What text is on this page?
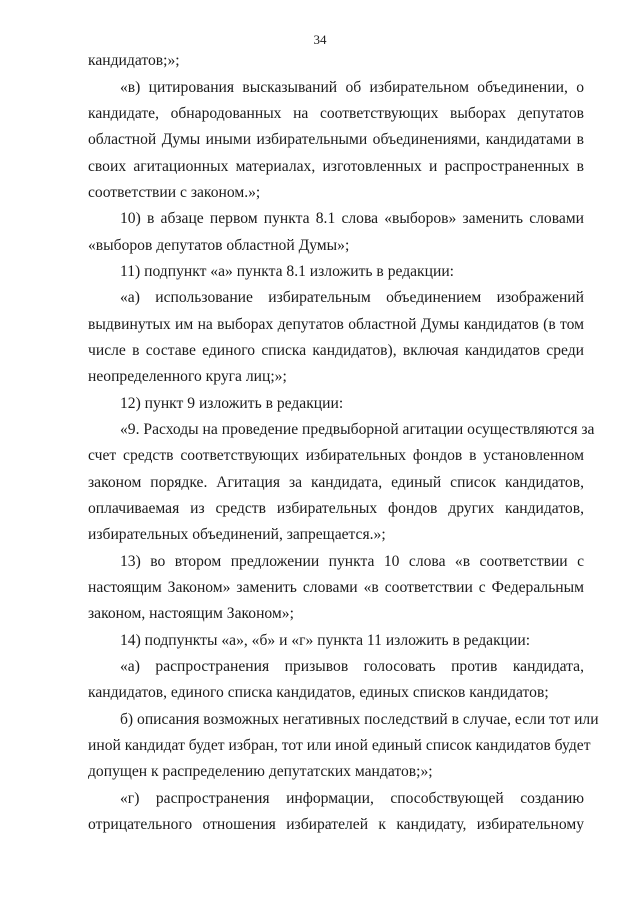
34
кандидатов;»;
«в) цитирования высказываний об избирательном объединении, о
кандидате, обнародованных на соответствующих выборах депутатов
областной Думы иными избирательными объединениями, кандидатами в
своих агитационных материалах, изготовленных и распространенных в
соответствии с законом.»;
10) в абзаце первом пункта 8.1 слова «выборов» заменить словами
«выборов депутатов областной Думы»;
11) подпункт «а» пункта 8.1 изложить в редакции:
«а) использование избирательным объединением изображений
выдвинутых им на выборах депутатов областной Думы кандидатов (в том
числе в составе единого списка кандидатов), включая кандидатов среди
неопределенного круга лиц;»;
12) пункт 9 изложить в редакции:
«9. Расходы на проведение предвыборной агитации осуществляются за
счет средств соответствующих избирательных фондов в установленном
законом порядке. Агитация за кандидата, единый список кандидатов,
оплачиваемая из средств избирательных фондов других кандидатов,
избирательных объединений, запрещается.»;
13) во втором предложении пункта 10 слова «в соответствии с
настоящим Законом» заменить словами «в соответствии с Федеральным
законом, настоящим Законом»;
14) подпункты «а», «б» и «г» пункта 11 изложить в редакции:
«а) распространения призывов голосовать против кандидата,
кандидатов, единого списка кандидатов, единых списков кандидатов;
б) описания возможных негативных последствий в случае, если тот или
иной кандидат будет избран, тот или иной единый список кандидатов будет
допущен к распределению депутатских мандатов;»;
«г) распространения информации, способствующей созданию
отрицательного отношения избирателей к кандидату, избирательному
